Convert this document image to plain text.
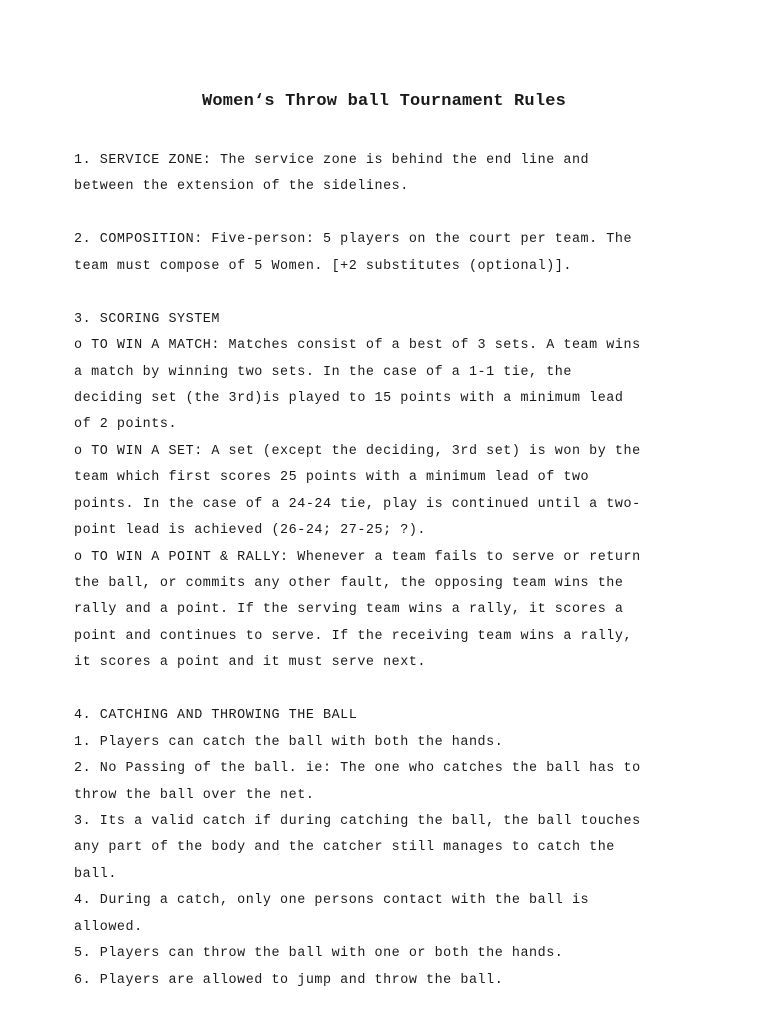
Women‘s Throw ball Tournament Rules
1. SERVICE ZONE: The service zone is behind the end line and
between the extension of the sidelines.
2. COMPOSITION: Five-person: 5 players on the court per team. The
team must compose of 5 Women. [+2 substitutes (optional)].
3. SCORING SYSTEM
o TO WIN A MATCH: Matches consist of a best of 3 sets. A team wins
a match by winning two sets. In the case of a 1-1 tie, the
deciding set (the 3rd)is played to 15 points with a minimum lead
of 2 points.
o TO WIN A SET: A set (except the deciding, 3rd set) is won by the
team which first scores 25 points with a minimum lead of two
points. In the case of a 24-24 tie, play is continued until a two-
point lead is achieved (26-24; 27-25; ?).
o TO WIN A POINT & RALLY: Whenever a team fails to serve or return
the ball, or commits any other fault, the opposing team wins the
rally and a point. If the serving team wins a rally, it scores a
point and continues to serve. If the receiving team wins a rally,
it scores a point and it must serve next.
4. CATCHING AND THROWING THE BALL
1. Players can catch the ball with both the hands.
2. No Passing of the ball. ie: The one who catches the ball has to
throw the ball over the net.
3. Its a valid catch if during catching the ball, the ball touches
any part of the body and the catcher still manages to catch the
ball.
4. During a catch, only one persons contact with the ball is
allowed.
5. Players can throw the ball with one or both the hands.
6. Players are allowed to jump and throw the ball.
